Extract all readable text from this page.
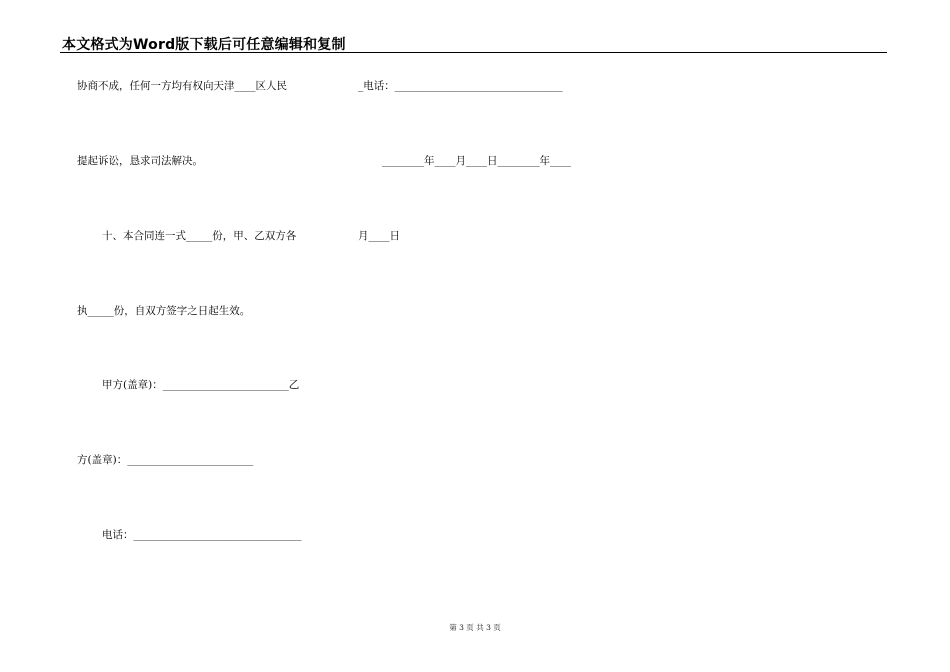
本文格式为Word版下载后可任意编辑和复制
协商不成，任何一方均有权向天津____区人民	_电话：________________________________
提起诉讼，恳求司法解决。	________年____月____日________年____
十、本合同连一式_____份，甲、乙双方各	月____日
执_____份，自双方签字之日起生效。
甲方(盖章)：________________________乙
方(盖章)：________________________
电话：________________________________
第 3 页 共 3 页
